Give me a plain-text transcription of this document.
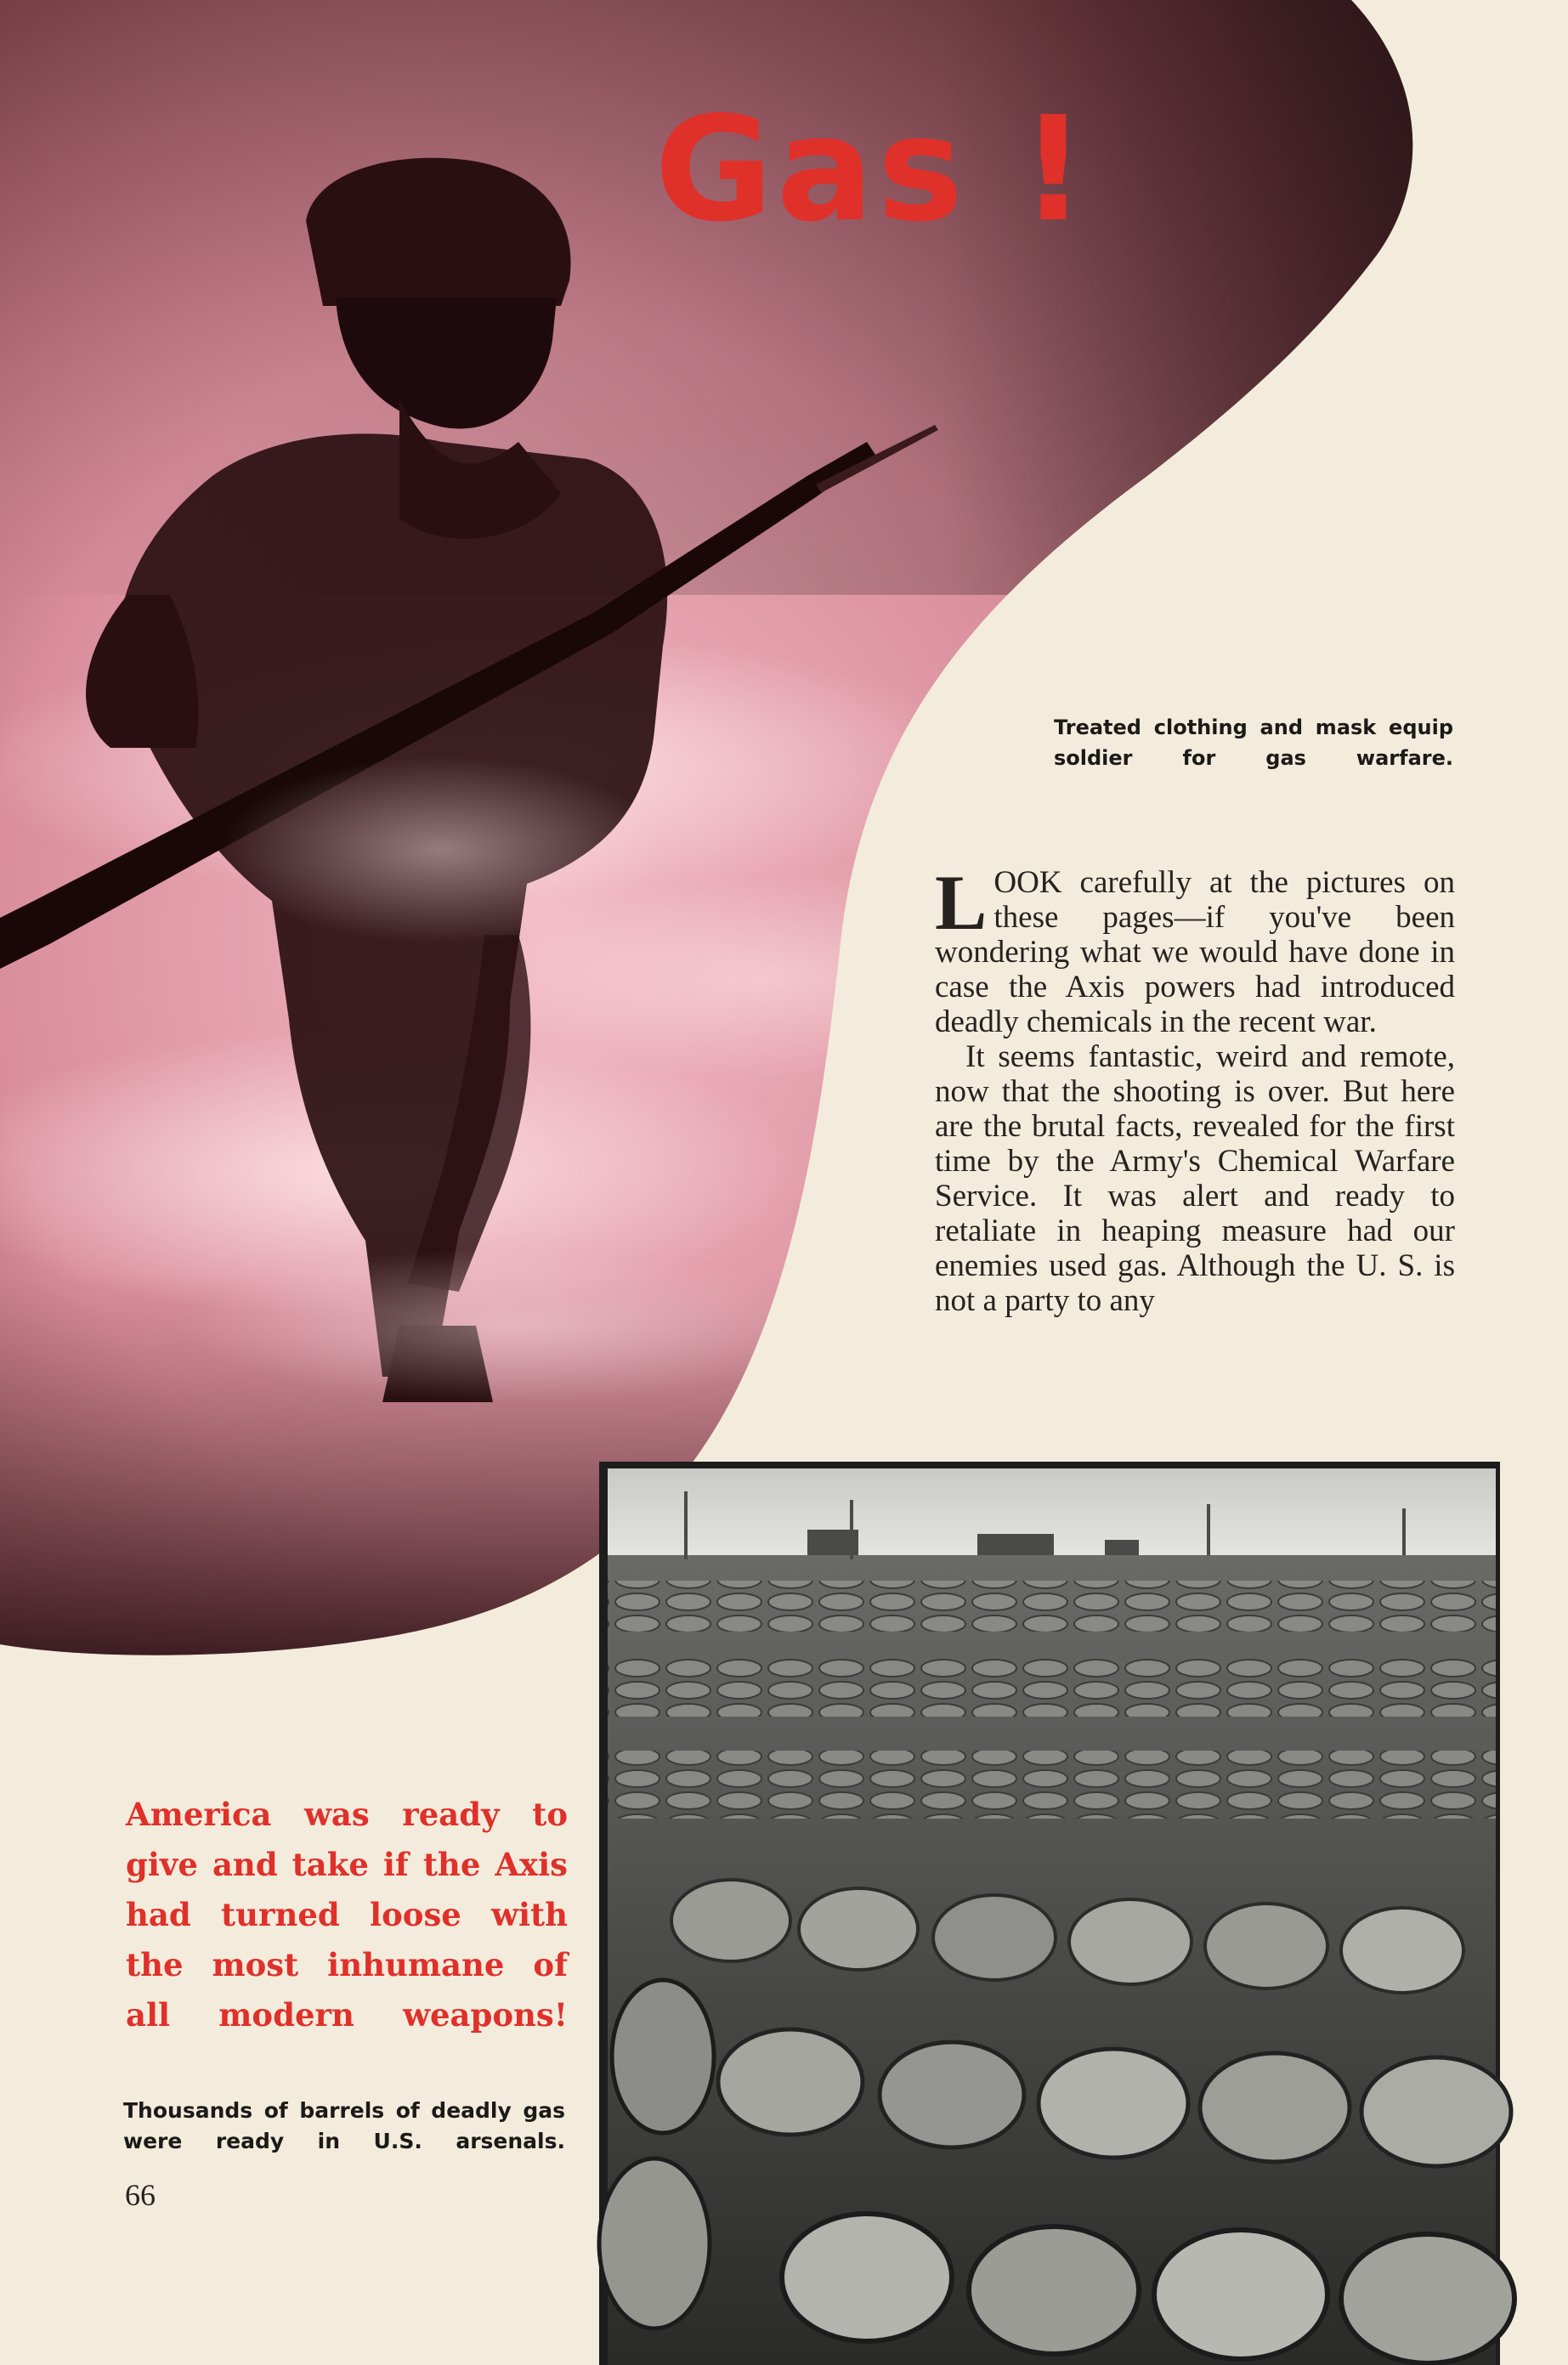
Gas !

Treated clothing and mask equip soldier for gas warfare.

LOOK carefully at the pictures on these pages—if you've been wondering what we would have done in case the Axis powers had introduced deadly chemicals in the recent war.

It seems fantastic, weird and remote, now that the shooting is over. But here are the brutal facts, revealed for the first time by the Army's Chemical Warfare Service. It was alert and ready to retaliate in heaping measure had our enemies used gas. Although the U. S. is not a party to any

America was ready to give and take if the Axis had turned loose with the most inhumane of all modern weapons!

Thousands of barrels of deadly gas were ready in U.S. arsenals.

66
